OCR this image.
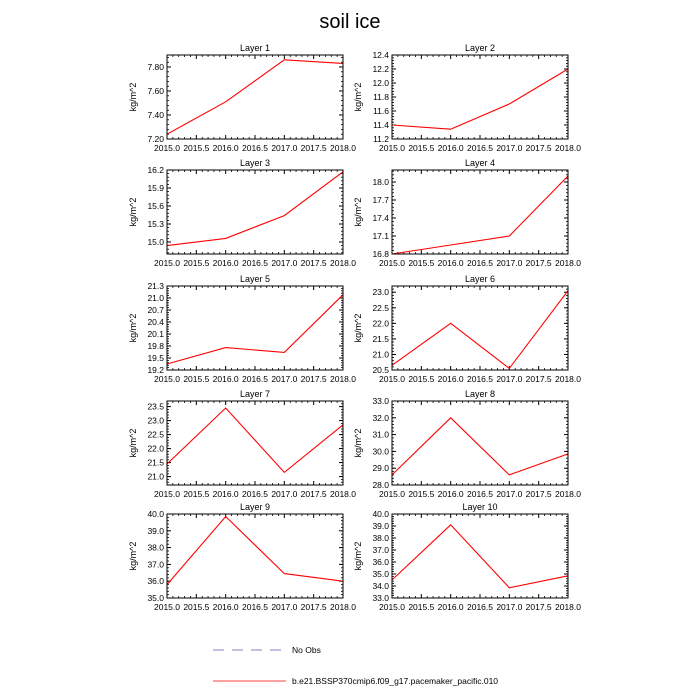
soil ice
Layer 1
kg/m^2
2015.0 2015.5 2016.0 2016.5 2017.0 2017.5 2018.0
7.20
7.40
7.60
7.80
Layer 2
kg/m^2
2015.0 2015.5 2016.0 2016.5 2017.0 2017.5 2018.0
11.2
11.4
11.6
11.8
12.0
12.2
12.4
Layer 3
kg/m^2
2015.0 2015.5 2016.0 2016.5 2017.0 2017.5 2018.0
15.0
15.3
15.6
15.9
16.2
Layer 4
kg/m^2
2015.0 2015.5 2016.0 2016.5 2017.0 2017.5 2018.0
16.8
17.1
17.4
17.7
18.0
Layer 5
kg/m^2
2015.0 2015.5 2016.0 2016.5 2017.0 2017.5 2018.0
19.2
19.5
19.8
20.1
20.4
20.7
21.0
21.3
Layer 6
kg/m^2
2015.0 2015.5 2016.0 2016.5 2017.0 2017.5 2018.0
20.5
21.0
21.5
22.0
22.5
23.0
Layer 7
kg/m^2
2015.0 2015.5 2016.0 2016.5 2017.0 2017.5 2018.0
21.0
21.5
22.0
22.5
23.0
23.5
Layer 8
kg/m^2
2015.0 2015.5 2016.0 2016.5 2017.0 2017.5 2018.0
28.0
29.0
30.0
31.0
32.0
33.0
Layer 9
kg/m^2
2015.0 2015.5 2016.0 2016.5 2017.0 2017.5 2018.0
35.0
36.0
37.0
38.0
39.0
40.0
Layer 10
kg/m^2
2015.0 2015.5 2016.0 2016.5 2017.0 2017.5 2018.0
33.0
34.0
35.0
36.0
37.0
38.0
39.0
40.0
No Obs
b.e21.BSSP370cmip6.f09_g17.pacemaker_pacific.010
